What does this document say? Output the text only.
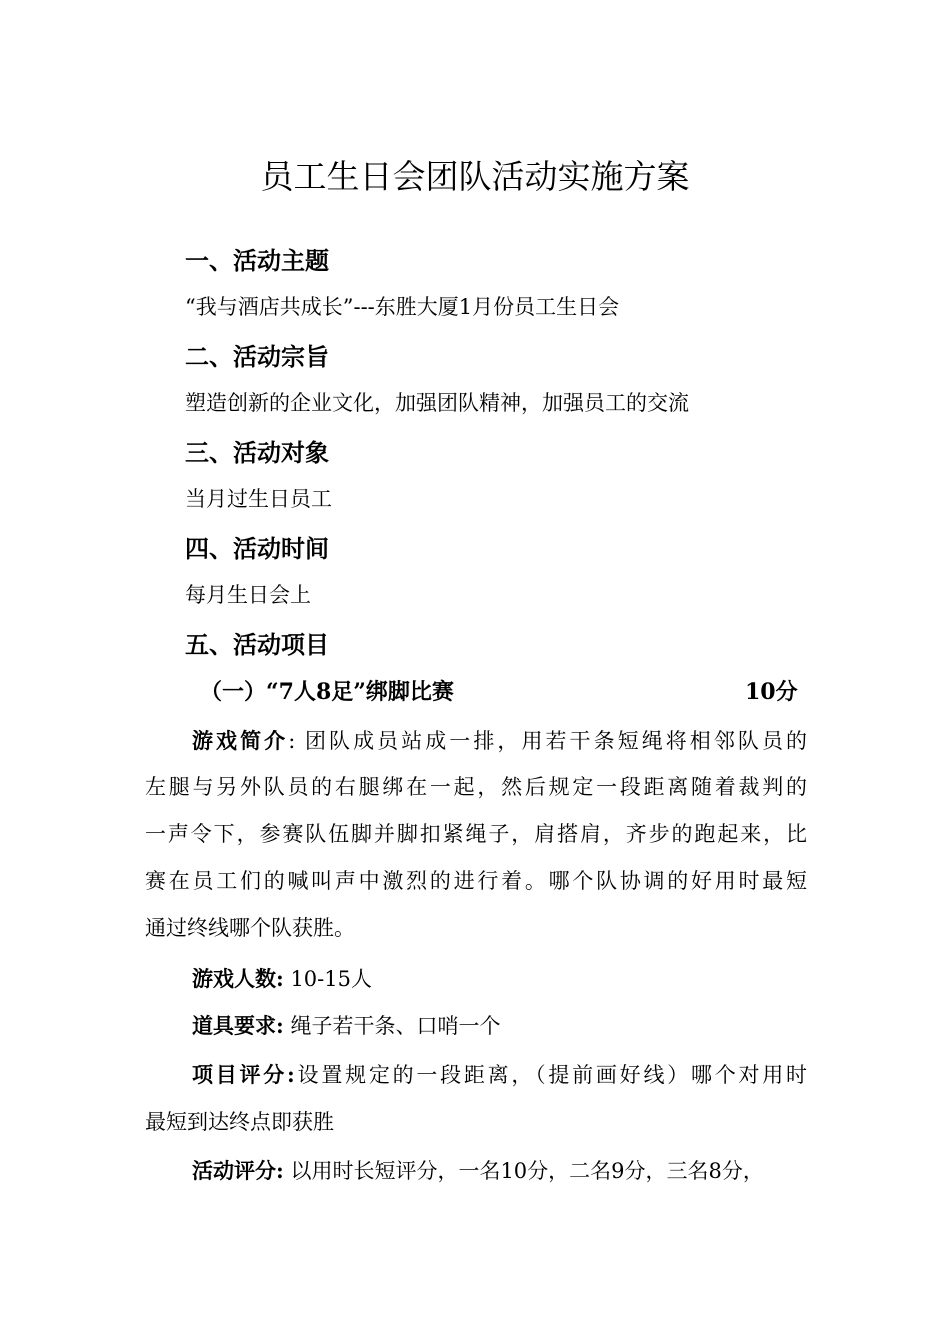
员工生日会团队活动实施方案
一、活动主题
“我与酒店共成长”---东胜大厦1月份员工生日会
二、活动宗旨
塑造创新的企业文化，加强团队精神，加强员工的交流
三、活动对象
当月过生日员工
四、活动时间
每月生日会上
五、活动项目
（一）“7人8足”绑脚比赛	10分
游戏简介: 团队成员站成一排，用若干条短绳将相邻队员的
左腿与另外队员的右腿绑在一起，然后规定一段距离随着裁判的
一声令下，参赛队伍脚并脚扣紧绳子，肩搭肩，齐步的跑起来，比
赛在员工们的喊叫声中激烈的进行着。哪个队协调的好用时最短
通过终线哪个队获胜。
游戏人数: 10-15人
道具要求: 绳子若干条、口哨一个
项目评分:设置规定的一段距离，（提前画好线）哪个对用时
最短到达终点即获胜
活动评分: 以用时长短评分，一名10分，二名9分，三名8分，
